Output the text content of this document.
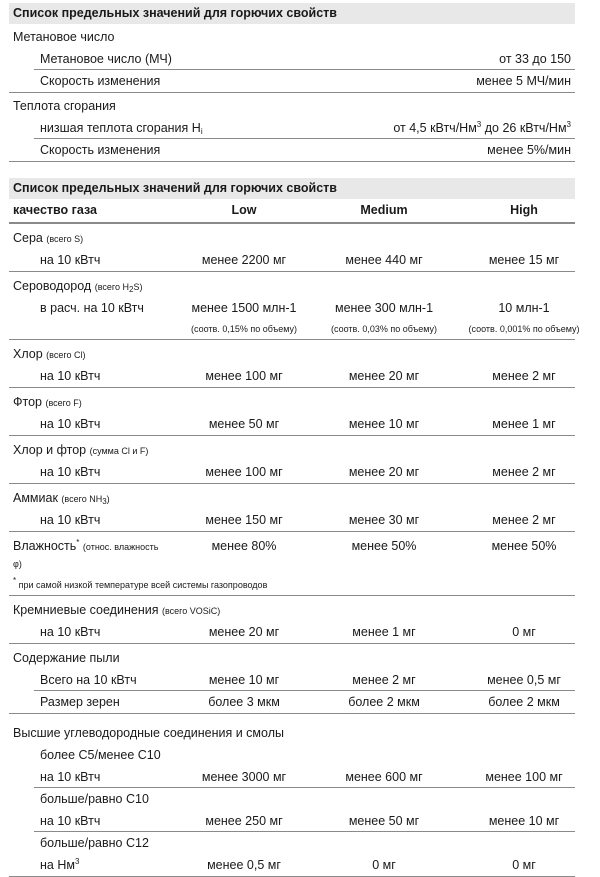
Список предельных значений для горючих свойств
Метановое число
Метановое число (МЧ)	от 33 до 150
Скорость изменения	менее 5 МЧ/мин
Теплота сгорания
низшая теплота сгорания $H_i$	от 4,5 кВтч/$Нм^3$ до 26 кВтч/$Нм^3$
Скорость изменения	менее 5%/мин
Список предельных значений для горючих свойств
качество газа	Low	Medium	High
Сера (всего S)
на 10 кВтч	менее 2200 мг	менее 440 мг	менее 15 мг
Сероводород (всего $H_2S$)
в расч. на 10 кВтч	менее 1500 млн-1	менее 300 млн-1	10 млн-1
(соотв. 0,15% по объему)	(соотв. 0,03% по объему)	(соотв. 0,001% по объему)
Хлор (всего Cl)
на 10 кВтч	менее 100 мг	менее 20 мг	менее 2 мг
Фтор (всего F)
на 10 кВтч	менее 50 мг	менее 10 мг	менее 1 мг
Хлор и фтор (сумма Cl и F)
на 10 кВтч	менее 100 мг	менее 20 мг	менее 2 мг
Аммиак (всего $NH_3$)
на 10 кВтч	менее 150 мг	менее 30 мг	менее 2 мг
Влажность* (относ. влажность	менее 80%	менее 50%	менее 50%
φ)
* при самой низкой температуре всей системы газопроводов
Кремниевые соединения (всего VOSiC)
на 10 кВтч	менее 20 мг	менее 1 мг	0 мг
Содержание пыли
Всего на 10 кВтч	менее 10 мг	менее 2 мг	менее 0,5 мг
Размер зерен	более 3 мкм	более 2 мкм	более 2 мкм
Высшие углеводородные соединения и смолы
более C5/менее C10
на 10 кВтч	менее 3000 мг	менее 600 мг	менее 100 мг
больше/равно C10
на 10 кВтч	менее 250 мг	менее 50 мг	менее 10 мг
больше/равно C12
на $Нм^3$	менее 0,5 мг	0 мг	0 мг
